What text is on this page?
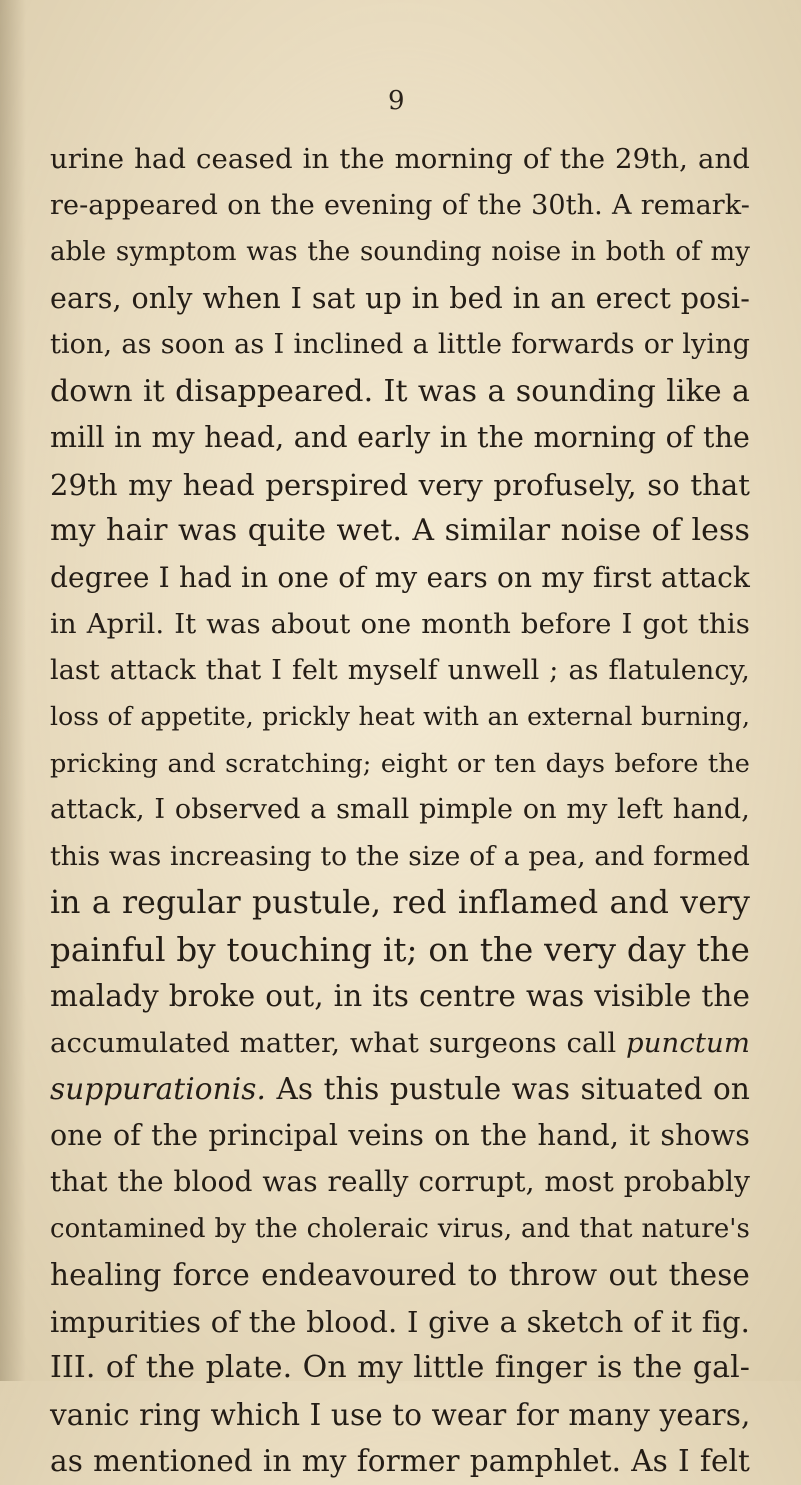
9
urine had ceased in the morning of the 29th, and
re-appeared on the evening of the 30th. A remark-
able symptom was the sounding noise in both of my
ears, only when I sat up in bed in an erect posi-
tion, as soon as I inclined a little forwards or lying
down it disappeared. It was a sounding like a
mill in my head, and early in the morning of the
29th my head perspired very profusely, so that
my hair was quite wet. A similar noise of less
degree I had in one of my ears on my first attack
in April. It was about one month before I got this
last attack that I felt myself unwell ; as flatulency,
loss of appetite, prickly heat with an external burning,
pricking and scratching; eight or ten days before the
attack, I observed a small pimple on my left hand,
this was increasing to the size of a pea, and formed
in a regular pustule, red inflamed and very
painful by touching it; on the very day the
malady broke out, in its centre was visible the
accumulated matter, what surgeons call punctum
suppurationis. As this pustule was situated on
one of the principal veins on the hand, it shows
that the blood was really corrupt, most probably
contamined by the choleraic virus, and that nature's
healing force endeavoured to throw out these
impurities of the blood. I give a sketch of it fig.
III. of the plate. On my little finger is the gal-
vanic ring which I use to wear for many years,
as mentioned in my former pamphlet. As I felt
